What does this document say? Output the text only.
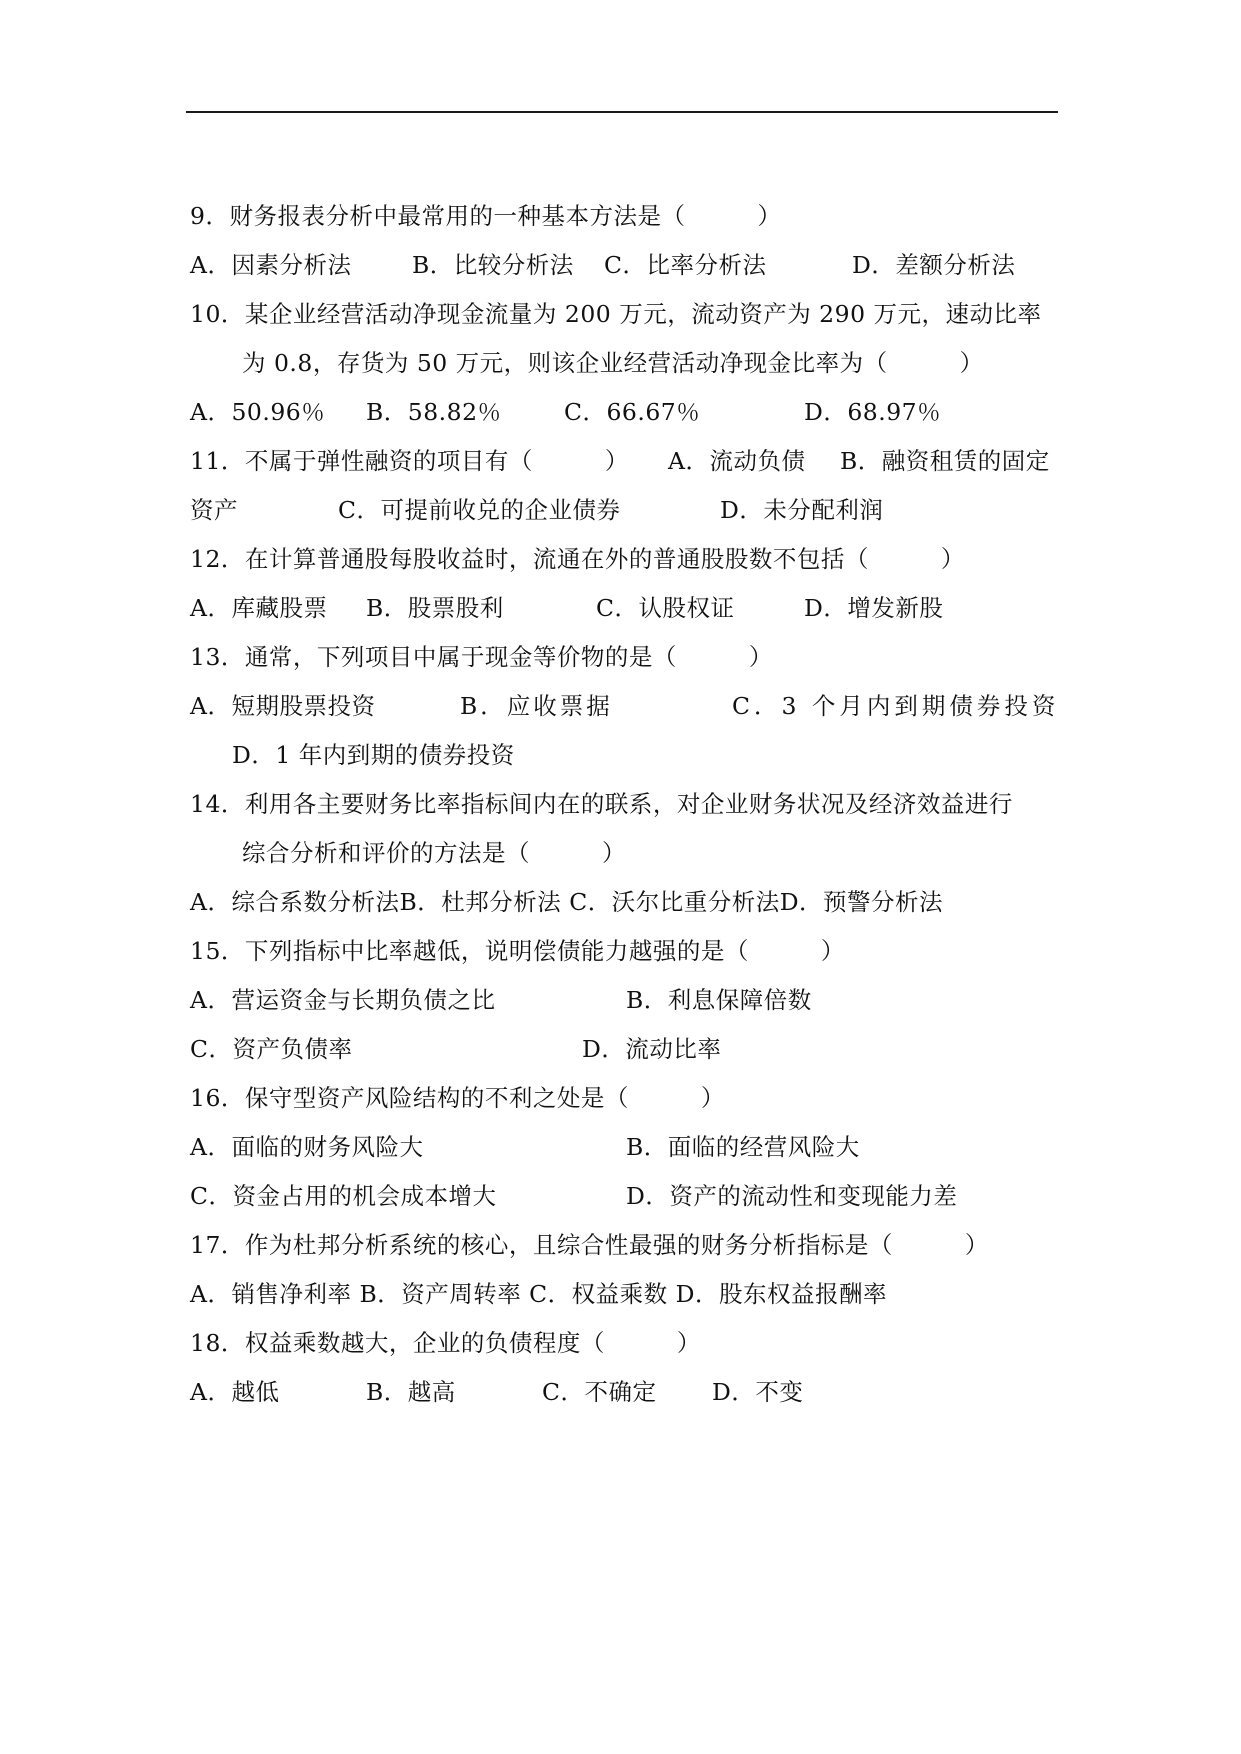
9．财务报表分析中最常用的一种基本方法是（　　　）

A．因素分析法

	B．比较分析法

C．比率分析法

	D．差额分析法

10．某企业经营活动净现金流量为 200 万元，流动资产为 290 万元，速动比率
为 0.8，存货为 50 万元，则该企业经营活动净现金比率为（　　　）

A．50.96％

B．58.82％

	C．66.67％

	D．68.97％

11．不属于弹性融资的项目有（　　　）

A．流动负债

B．融资租赁的固定

资产

	C．可提前收兑的企业债券

	D．未分配利润

12．在计算普通股每股收益时，流通在外的普通股股数不包括（　　　）

A．库藏股票

B．股票股利

	C．认股权证

	D．增发新股

13．通常，下列项目中属于现金等价物的是（　　　）

A．短期股票投资

	B．应收票据

	C．3 个月内到期债券投资

D．1 年内到期的债券投资
14．利用各主要财务比率指标间内在的联系，对企业财务状况及经济效益进行
综合分析和评价的方法是（　　　）
A．综合系数分析法B．杜邦分析法 C．沃尔比重分析法D．预警分析法
15．下列指标中比率越低，说明偿债能力越强的是（　　　）

A．营运资金与长期负债之比

	B．利息保障倍数

C．资产负债率

	D．流动比率

16．保守型资产风险结构的不利之处是（　　　）

A．面临的财务风险大

	B．面临的经营风险大

C．资金占用的机会成本增大

	D．资产的流动性和变现能力差

17．作为杜邦分析系统的核心，且综合性最强的财务分析指标是（　　　）
A．销售净利率 B．资产周转率 C．权益乘数 D．股东权益报酬率
18．权益乘数越大，企业的负债程度（　　　）

A．越低

	B．越高

	C．不确定

D．不变
